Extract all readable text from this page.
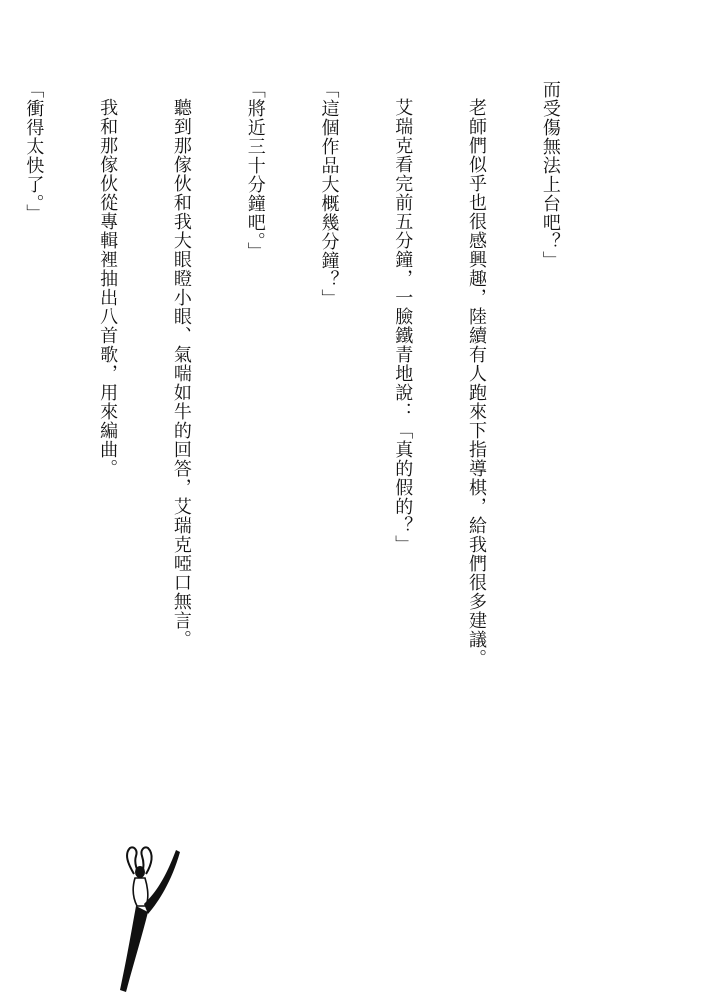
而受傷無法上台吧？」

老師們似乎也很感興趣，陸續有人跑來下指導棋，給我們很多建議。

艾瑞克看完前五分鐘，一臉鐵青地說：「真的假的？」

「這個作品大概幾分鐘？」

「將近三十分鐘吧。」

聽到那傢伙和我大眼瞪小眼、氣喘如牛的回答，艾瑞克啞口無言。

我和那傢伙從專輯裡抽出八首歌，用來編曲。

「衝得太快了。」
